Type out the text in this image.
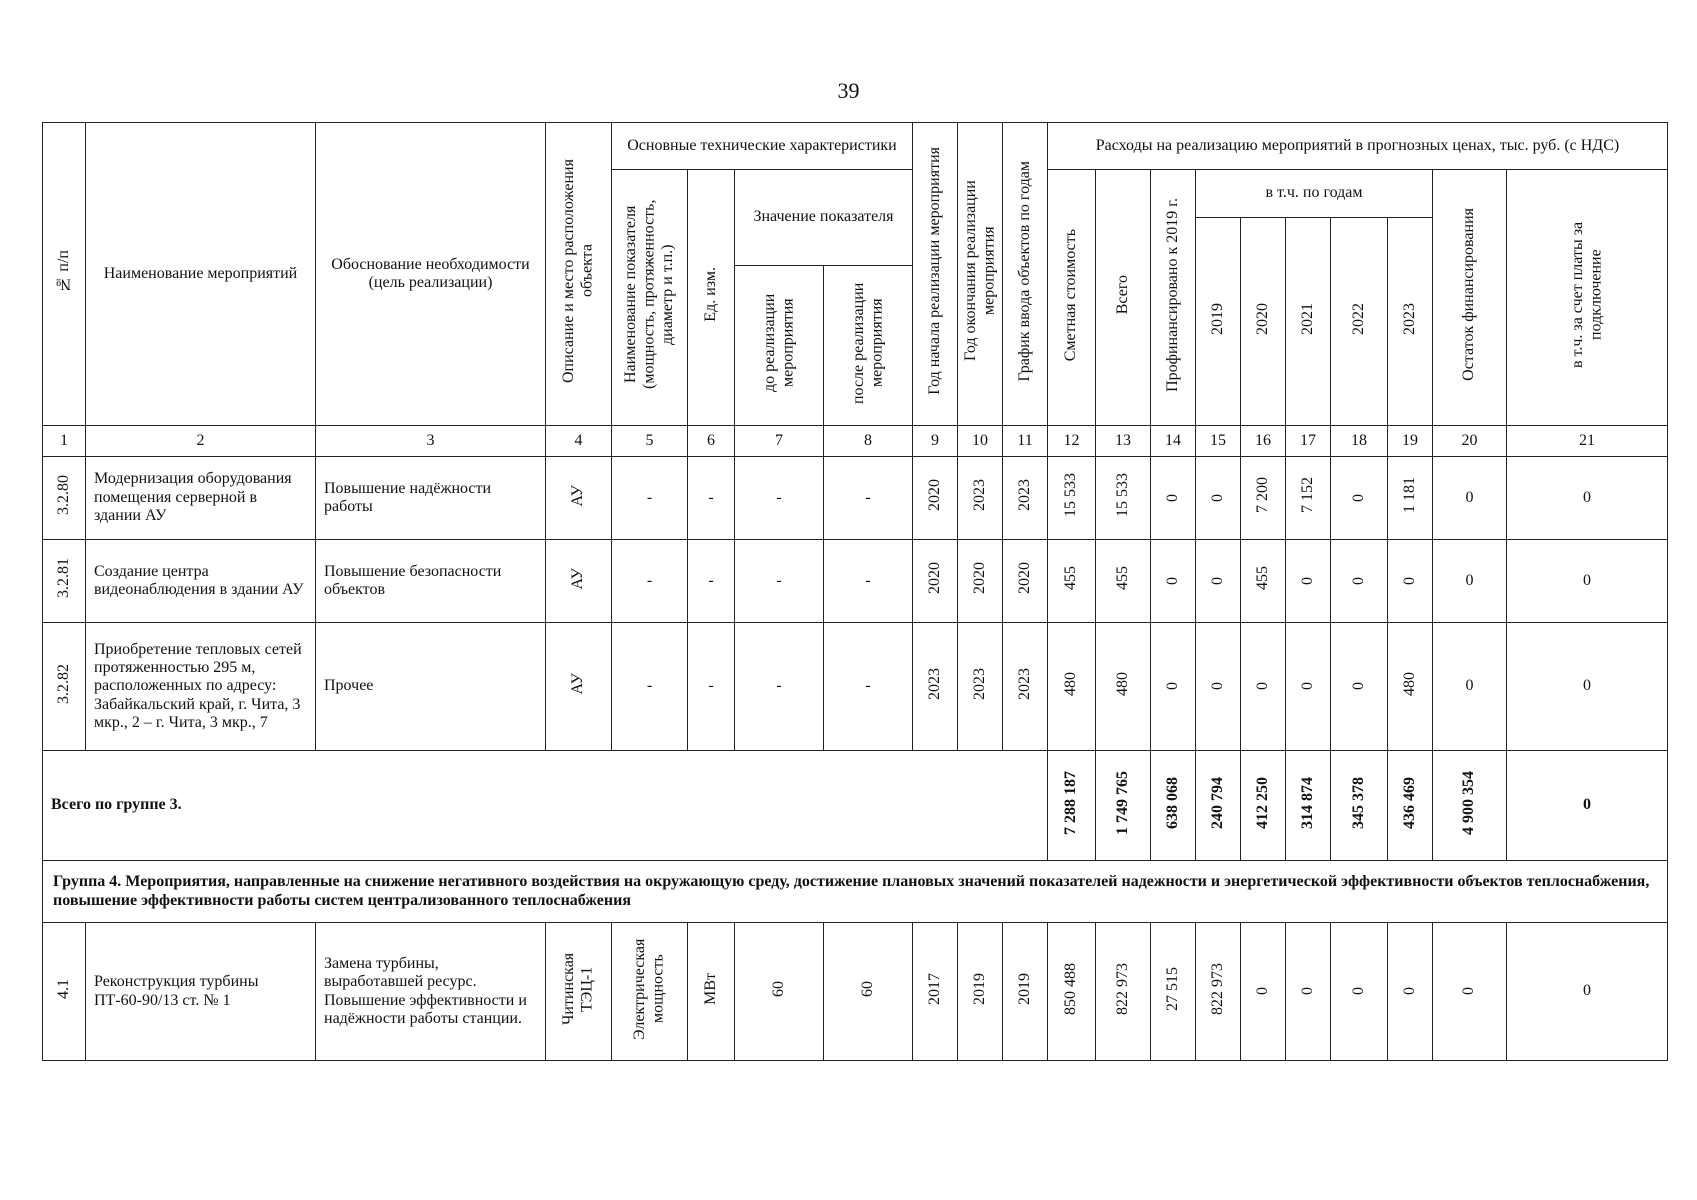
39
№ п/п	Наименование мероприятий	Обоснование необходимости (цель реализации)	Описание и место расположения объекта	Основные технические характеристики				Год начала реализации мероприятия	Год окончания реализации мероприятия	График ввода объектов по годам	Расходы на реализацию мероприятий в прогнозных ценах, тыс. руб. (с НДС)									
				Наименование показателя (мощность, протяженность, диаметр и т.п.)	Ед. изм.	Значение показателя					Сметная стоимость	Всего	Профинансировано к 2019 г.	в т.ч. по годам					Остаток финансирования	в т.ч. за счет платы за подключение
														2019	2020	2021	2022	2023		
						до реализации мероприятия	после реализации мероприятия													
1	2	3	4	5	6	7	8	9	10	11	12	13	14	15	16	17	18	19	20	21
3.2.80	Модернизация оборудования помещения серверной в здании АУ	Повышение надёжности работы	АУ	-	-	-	-	2020	2023	2023	15 533	15 533	0	0	7 200	7 152	0	1 181	0	0
3.2.81	Создание центра видеонаблюдения в здании АУ	Повышение безопасности объектов	АУ	-	-	-	-	2020	2020	2020	455	455	0	0	455	0	0	0	0	0
3.2.82	Приобретение тепловых сетей протяженностью 295 м, расположенных по адресу: Забайкальский край, г. Чита, 3 мкр., 2 – г. Чита, 3 мкр., 7	Прочее	АУ	-	-	-	-	2023	2023	2023	480	480	0	0	0	0	0	480	0	0
Всего по группе 3.											7 288 187	1 749 765	638 068	240 794	412 250	314 874	345 378	436 469	4 900 354	0
Группа 4. Мероприятия, направленные на снижение негативного воздействия на окружающую среду, достижение плановых значений показателей надежности и энергетической эффективности объектов теплоснабжения, повышение эффективности работы систем централизованного теплоснабжения																				
4.1	Реконструкция турбины ПТ-60-90/13 ст. № 1	Замена турбины, выработавшей ресурс. Повышение эффективности и надёжности работы станции.	Читинская ТЭЦ-1	Электрическая мощность	МВт	60	60	2017	2019	2019	850 488	822 973	27 515	822 973	0	0	0	0	0	0
